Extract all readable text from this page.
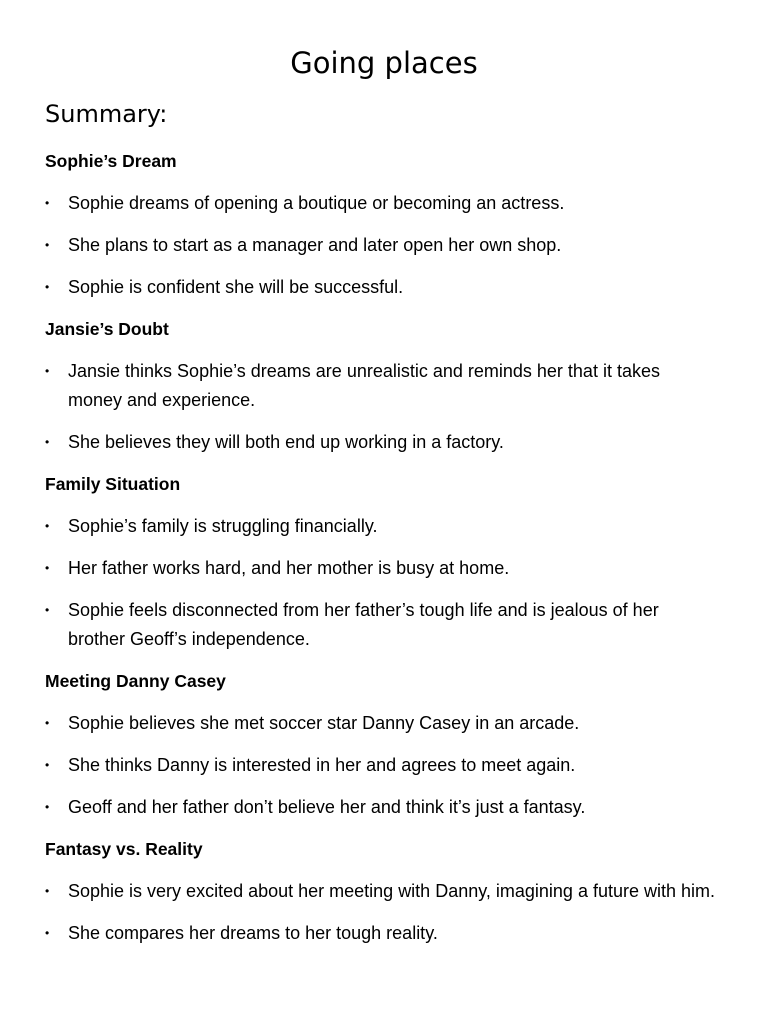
Going places
Summary:
Sophie’s Dream
• Sophie dreams of opening a boutique or becoming an actress.
• She plans to start as a manager and later open her own shop.
• Sophie is confident she will be successful.
Jansie’s Doubt
• Jansie thinks Sophie’s dreams are unrealistic and reminds her that it takes money and experience.
• She believes they will both end up working in a factory.
Family Situation
• Sophie’s family is struggling financially.
• Her father works hard, and her mother is busy at home.
• Sophie feels disconnected from her father’s tough life and is jealous of her brother Geoff’s independence.
Meeting Danny Casey
• Sophie believes she met soccer star Danny Casey in an arcade.
• She thinks Danny is interested in her and agrees to meet again.
• Geoff and her father don’t believe her and think it’s just a fantasy.
Fantasy vs. Reality
• Sophie is very excited about her meeting with Danny, imagining a future with him.
• She compares her dreams to her tough reality.
